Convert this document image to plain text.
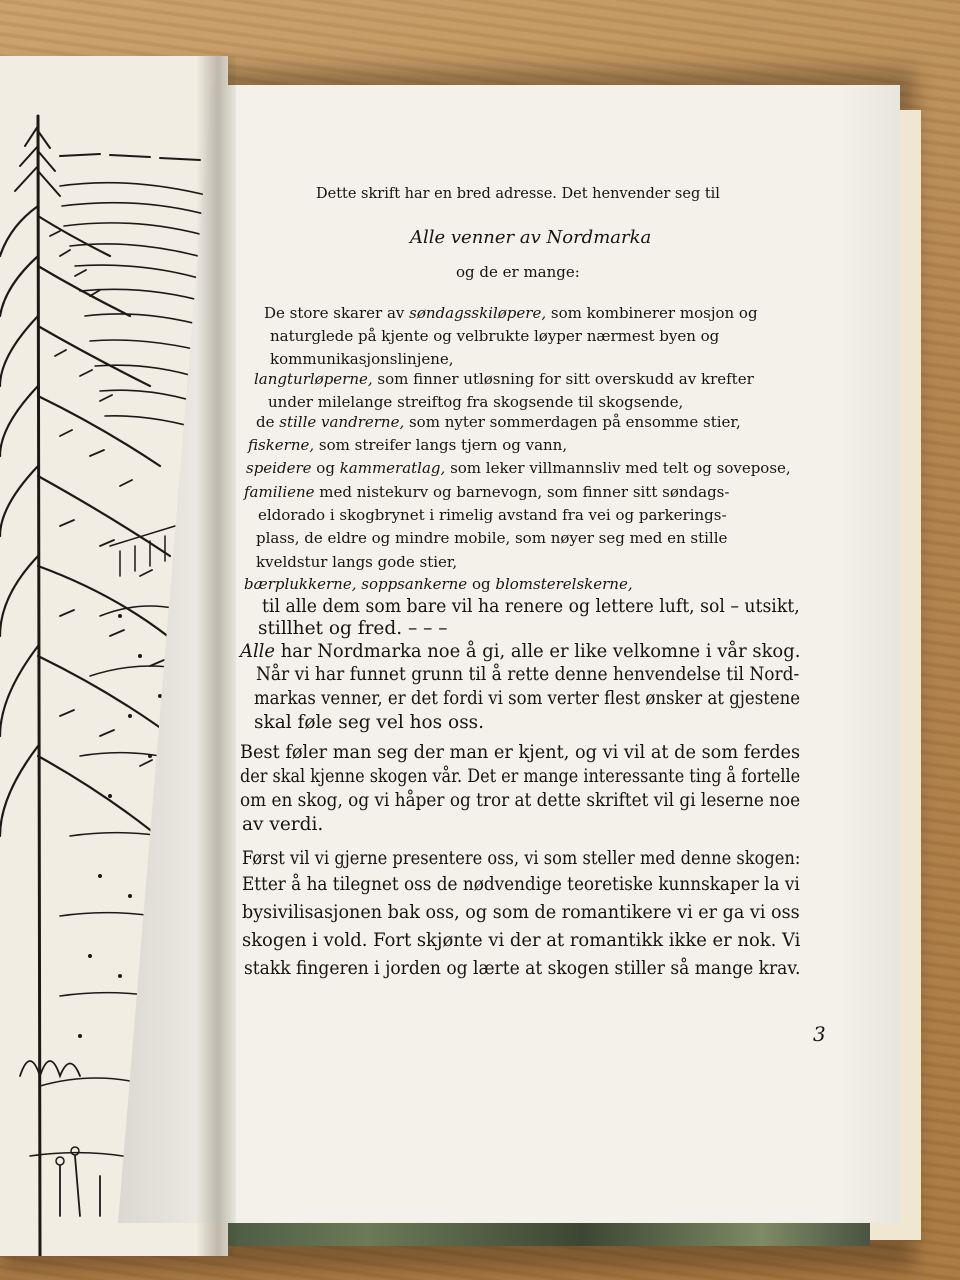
Dette skrift har en bred adresse. Det henvender seg til
Alle venner av Nordmarka
og de er mange:
De store skarer av søndagsskiløpere, som kombinerer mosjon og
naturglede på kjente og velbrukte løyper nærmest byen og
kommunikasjonslinjene,
langturløperne, som finner utløsning for sitt overskudd av krefter
under milelange streiftog fra skogsende til skogsende,
de stille vandrerne, som nyter sommerdagen på ensomme stier,
fiskerne, som streifer langs tjern og vann,
speidere og kammeratlag, som leker villmannsliv med telt og sovepose,
familiene med nistekurv og barnevogn, som finner sitt søndags-
eldorado i skogbrynet i rimelig avstand fra vei og parkerings-
plass, de eldre og mindre mobile, som nøyer seg med en stille
kveldstur langs gode stier,
bærplukkerne, soppsankerne og blomsterelskerne,
til alle dem som bare vil ha renere og lettere luft, sol – utsikt,
stillhet og fred. – – –
Alle har Nordmarka noe å gi, alle er like velkomne i vår skog.
Når vi har funnet grunn til å rette denne henvendelse til Nord-
markas venner, er det fordi vi som verter flest ønsker at gjestene
skal føle seg vel hos oss.
Best føler man seg der man er kjent, og vi vil at de som ferdes
der skal kjenne skogen vår. Det er mange interessante ting å fortelle
om en skog, og vi håper og tror at dette skriftet vil gi leserne noe
av verdi.
Først vil vi gjerne presentere oss, vi som steller med denne skogen:
Etter å ha tilegnet oss de nødvendige teoretiske kunnskaper la vi
bysivilisasjonen bak oss, og som de romantikere vi er ga vi oss
skogen i vold. Fort skjønte vi der at romantikk ikke er nok. Vi
stakk fingeren i jorden og lærte at skogen stiller så mange krav.
3
